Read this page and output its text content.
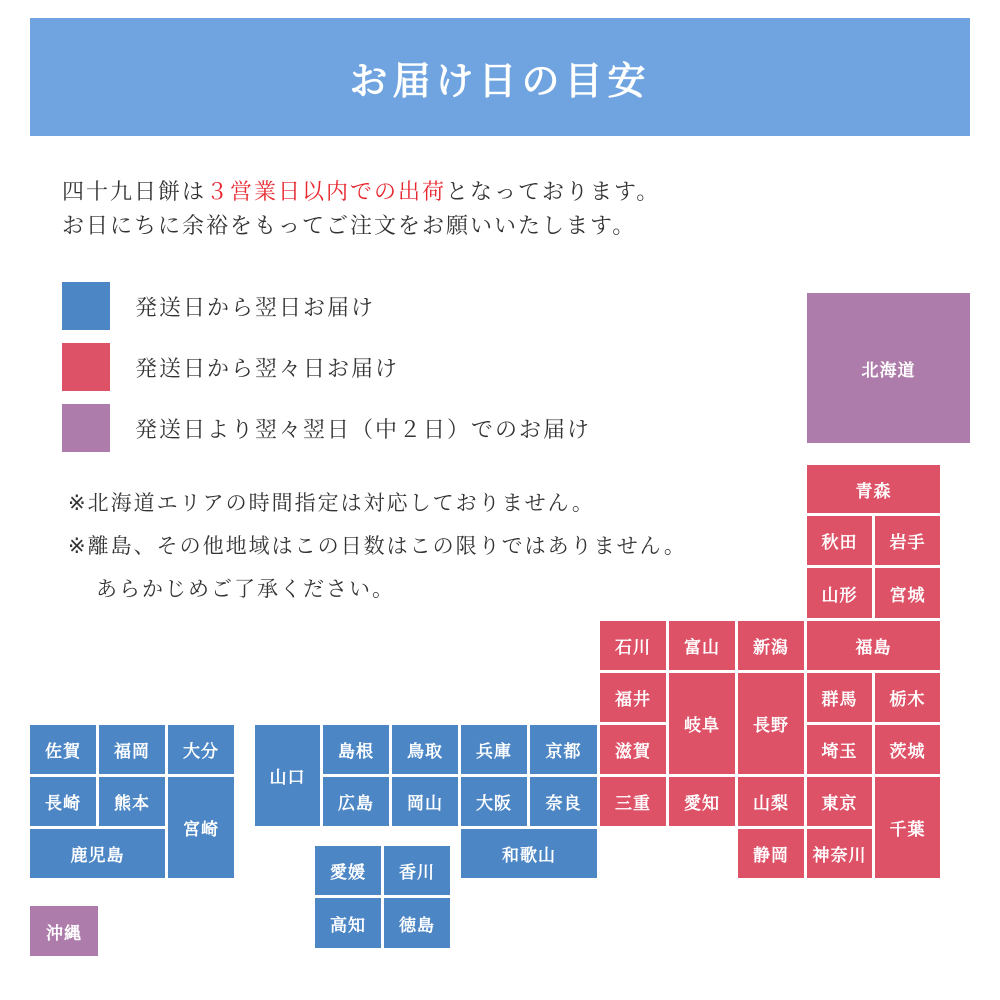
お届け日の目安
四十九日餅は３営業日以内での出荷となっております。
お日にちに余裕をもってご注文をお願いいたします。
発送日から翌日お届け
発送日から翌々日お届け
発送日より翌々翌日（中２日）でのお届け
※北海道エリアの時間指定は対応しておりません。
※離島、その他地域はこの日数はこの限りではありません。
あらかじめご了承ください。
北海道
青森
秋田	岩手
山形	宮城
石川	富山	新潟	福島
福井
岐阜	長野
群馬	栃木
滋賀	埼玉	茨城
三重	愛知	山梨	東京
千葉
静岡	神奈川
山口
島根	鳥取	兵庫	京都
広島	岡山	大阪	奈良
和歌山
愛媛	香川
高知	徳島
佐賀	福岡	大分
長崎	熊本
宮崎
鹿児島
沖縄
